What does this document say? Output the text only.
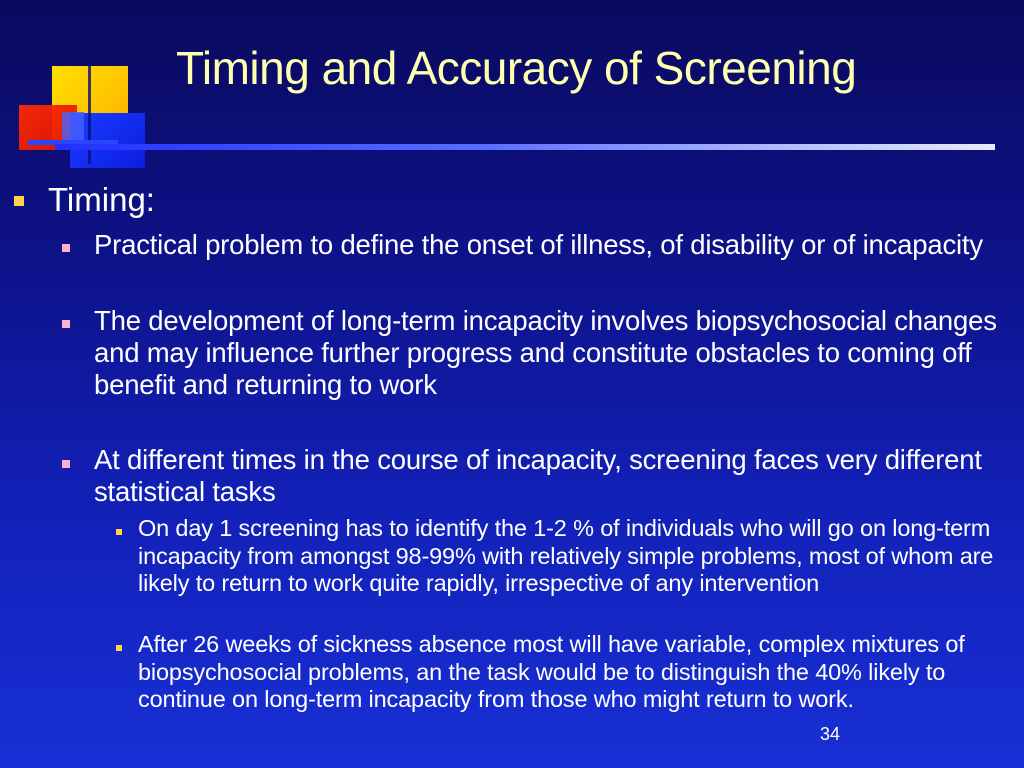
Timing and Accuracy of Screening
Timing:
Practical problem to define the onset of illness, of disability or of incapacity
The development of long-term incapacity involves biopsychosocial changes and may influence further progress and constitute obstacles to coming off benefit and returning to work
At different times in the course of incapacity, screening faces very different statistical tasks
On day 1 screening has to identify the 1-2 % of individuals who will go on long-term incapacity from amongst 98-99% with relatively simple problems, most of whom are likely to return to work quite rapidly, irrespective of any intervention
After 26 weeks of sickness absence most will have variable, complex mixtures of biopsychosocial problems, an the task would be to distinguish the 40% likely to continue on long-term incapacity from those who might return to work.
34
